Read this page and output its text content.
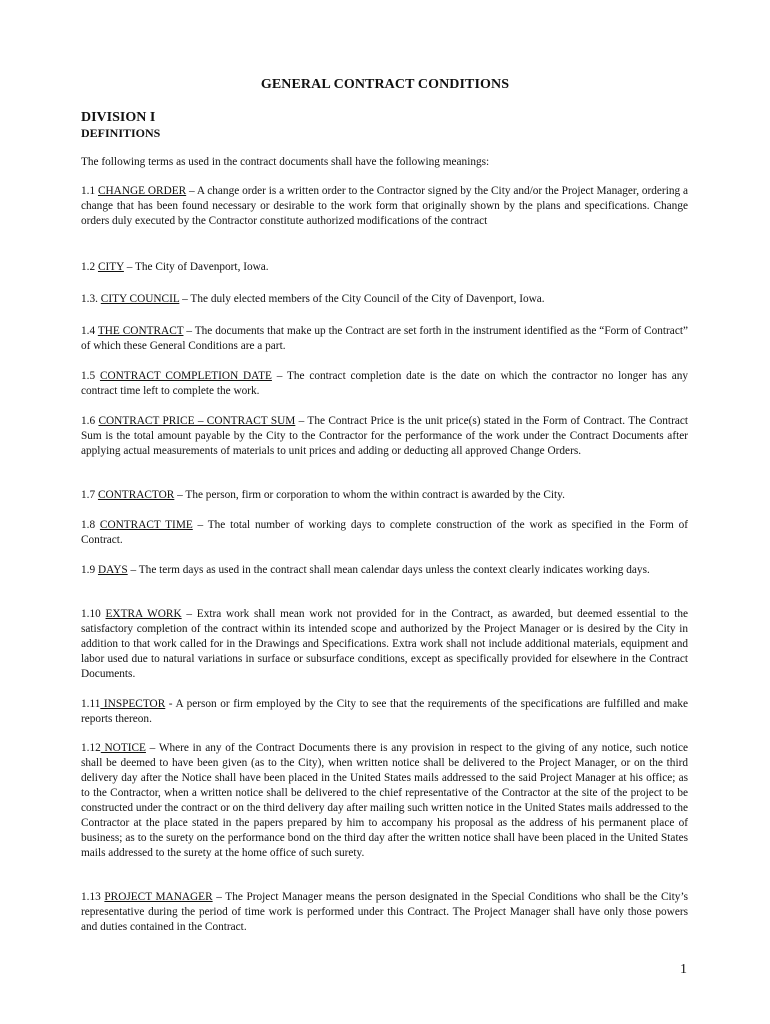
GENERAL CONTRACT CONDITIONS
DIVISION I
DEFINITIONS
The following terms as used in the contract documents shall have the following meanings:
1.1 CHANGE ORDER – A change order is a written order to the Contractor signed by the City and/or the Project Manager, ordering a change that has been found necessary or desirable to the work form that originally shown by the plans and specifications. Change orders duly executed by the Contractor constitute authorized modifications of the contract
1.2 CITY – The City of Davenport, Iowa.
1.3. CITY COUNCIL – The duly elected members of the City Council of the City of Davenport, Iowa.
1.4 THE CONTRACT – The documents that make up the Contract are set forth in the instrument identified as the “Form of Contract” of which these General Conditions are a part.
1.5 CONTRACT COMPLETION DATE – The contract completion date is the date on which the contractor no longer has any contract time left to complete the work.
1.6 CONTRACT PRICE – CONTRACT SUM – The Contract Price is the unit price(s) stated in the Form of Contract. The Contract Sum is the total amount payable by the City to the Contractor for the performance of the work under the Contract Documents after applying actual measurements of materials to unit prices and adding or deducting all approved Change Orders.
1.7 CONTRACTOR – The person, firm or corporation to whom the within contract is awarded by the City.
1.8 CONTRACT TIME – The total number of working days to complete construction of the work as specified in the Form of Contract.
1.9 DAYS – The term days as used in the contract shall mean calendar days unless the context clearly indicates working days.
1.10 EXTRA WORK – Extra work shall mean work not provided for in the Contract, as awarded, but deemed essential to the satisfactory completion of the contract within its intended scope and authorized by the Project Manager or is desired by the City in addition to that work called for in the Drawings and Specifications. Extra work shall not include additional materials, equipment and labor used due to natural variations in surface or subsurface conditions, except as specifically provided for elsewhere in the Contract Documents.
1.11 INSPECTOR - A person or firm employed by the City to see that the requirements of the specifications are fulfilled and make reports thereon.
1.12 NOTICE – Where in any of the Contract Documents there is any provision in respect to the giving of any notice, such notice shall be deemed to have been given (as to the City), when written notice shall be delivered to the Project Manager, or on the third delivery day after the Notice shall have been placed in the United States mails addressed to the said Project Manager at his office; as to the Contractor, when a written notice shall be delivered to the chief representative of the Contractor at the site of the project to be constructed under the contract or on the third delivery day after mailing such written notice in the United States mails addressed to the Contractor at the place stated in the papers prepared by him to accompany his proposal as the address of his permanent place of business; as to the surety on the performance bond on the third day after the written notice shall have been placed in the United States mails addressed to the surety at the home office of such surety.
1.13 PROJECT MANAGER – The Project Manager means the person designated in the Special Conditions who shall be the City’s representative during the period of time work is performed under this Contract. The Project Manager shall have only those powers and duties contained in the Contract.
1
